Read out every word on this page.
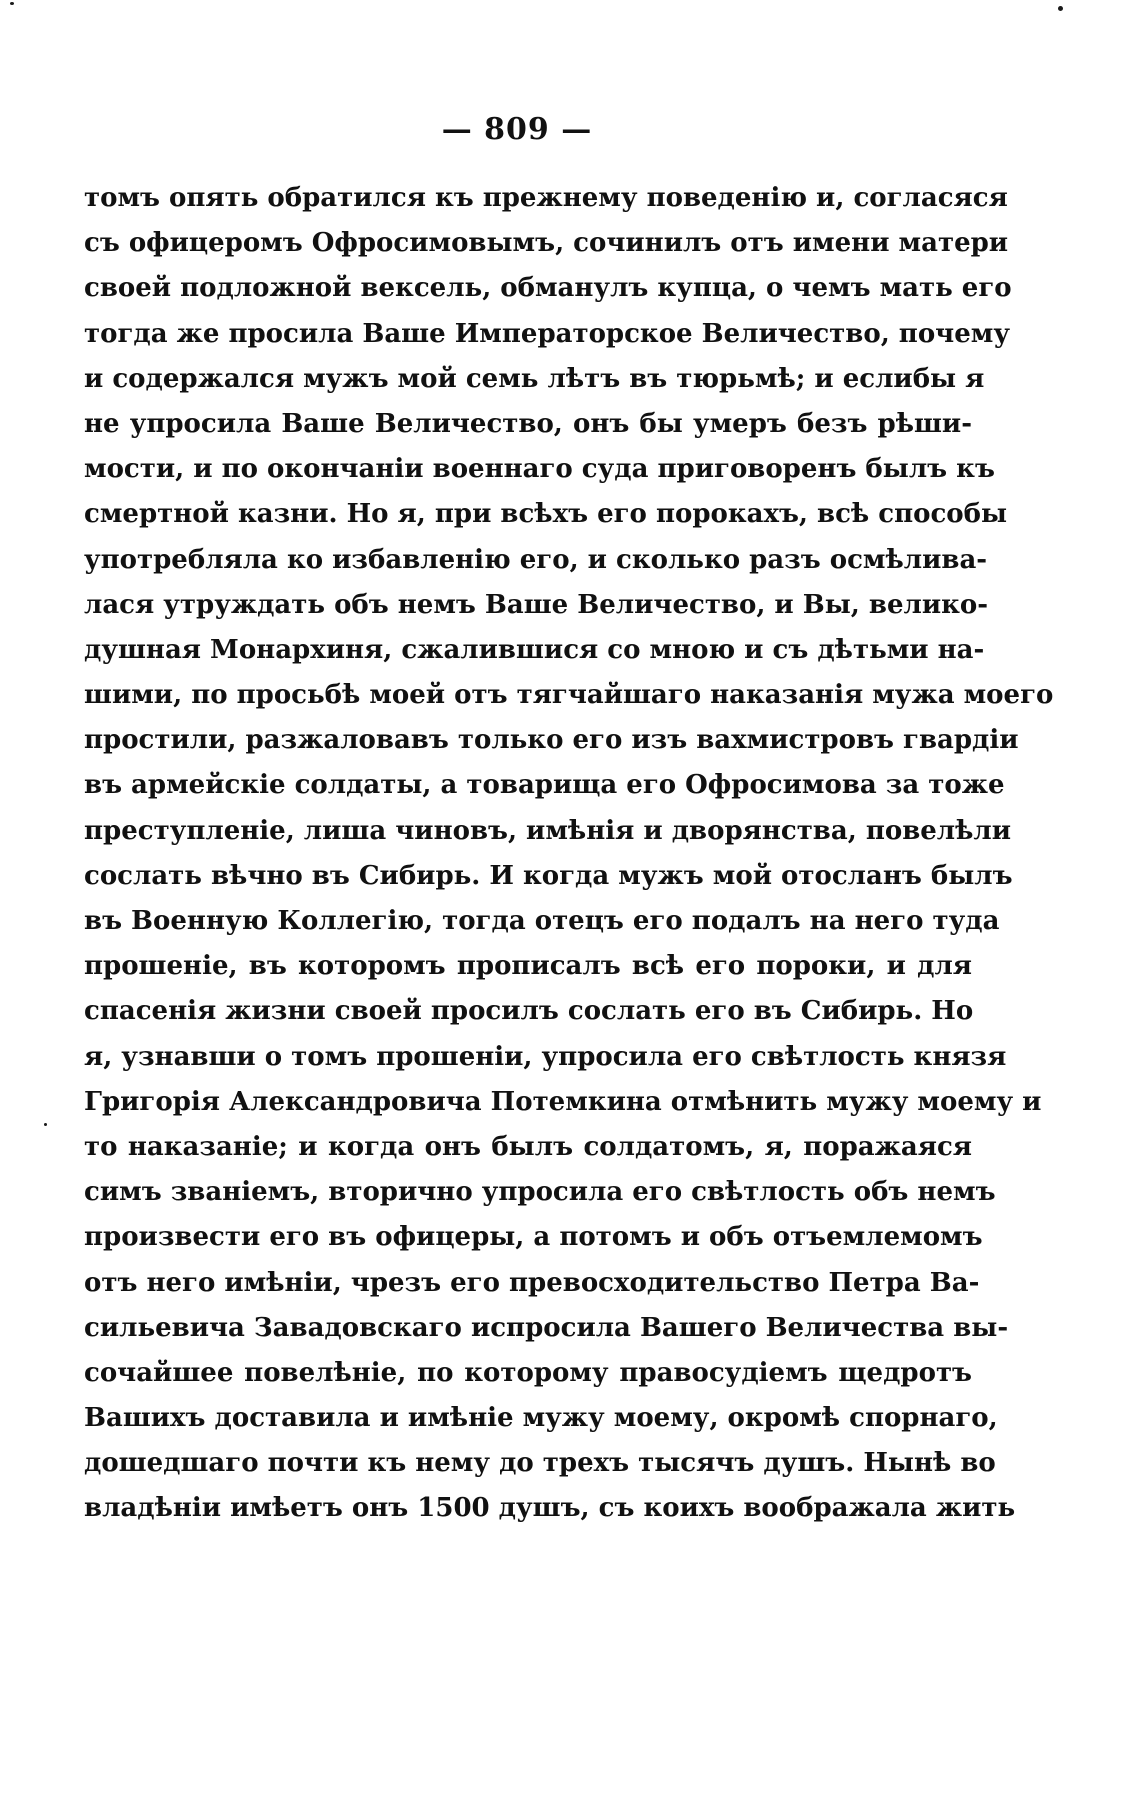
— 809 —
томъ опять обратился къ прежнему поведенію и, согласяся
съ офицеромъ Офросимовымъ, сочинилъ отъ имени матери
своей подложной вексель, обманулъ купца, о чемъ мать его
тогда же просила Ваше Императорское Величество, почему
и содержался мужъ мой семь лѣтъ въ тюрьмѣ; и еслибы я
не упросила Ваше Величество, онъ бы умеръ безъ рѣши-
мости, и по окончаніи военнаго суда приговоренъ былъ къ
смертной казни. Но я, при всѣхъ его порокахъ, всѣ способы
употребляла ко избавленію его, и сколько разъ осмѣлива-
лася утруждать объ немъ Ваше Величество, и Вы, велико-
душная Монархиня, сжалившися со мною и съ дѣтьми на-
шими, по просьбѣ моей отъ тягчайшаго наказанія мужа моего
простили, разжаловавъ только его изъ вахмистровъ гвардіи
въ армейскіе солдаты, а товарища его Офросимова за тоже
преступленіе, лиша чиновъ, имѣнія и дворянства, повелѣли
сослать вѣчно въ Сибирь. И когда мужъ мой отосланъ былъ
въ Военную Коллегію, тогда отецъ его подалъ на него туда
прошеніе, въ которомъ прописалъ всѣ его пороки, и для
спасенія жизни своей просилъ сослать его въ Сибирь. Но
я, узнавши о томъ прошеніи, упросила его свѣтлость князя
Григорія Александровича Потемкина отмѣнить мужу моему и
то наказаніе; и когда онъ былъ солдатомъ, я, поражаяся
симъ званіемъ, вторично упросила его свѣтлость объ немъ
произвести его въ офицеры, а потомъ и объ отъемлемомъ
отъ него имѣніи, чрезъ его превосходительство Петра Ва-
сильевича Завадовскаго испросила Вашего Величества вы-
сочайшее повелѣніе, по которому правосудіемъ щедротъ
Вашихъ доставила и имѣніе мужу моему, окромѣ спорнаго,
дошедшаго почти къ нему до трехъ тысячъ душъ. Нынѣ во
владѣніи имѣетъ онъ 1500 душъ, съ коихъ воображала жить
